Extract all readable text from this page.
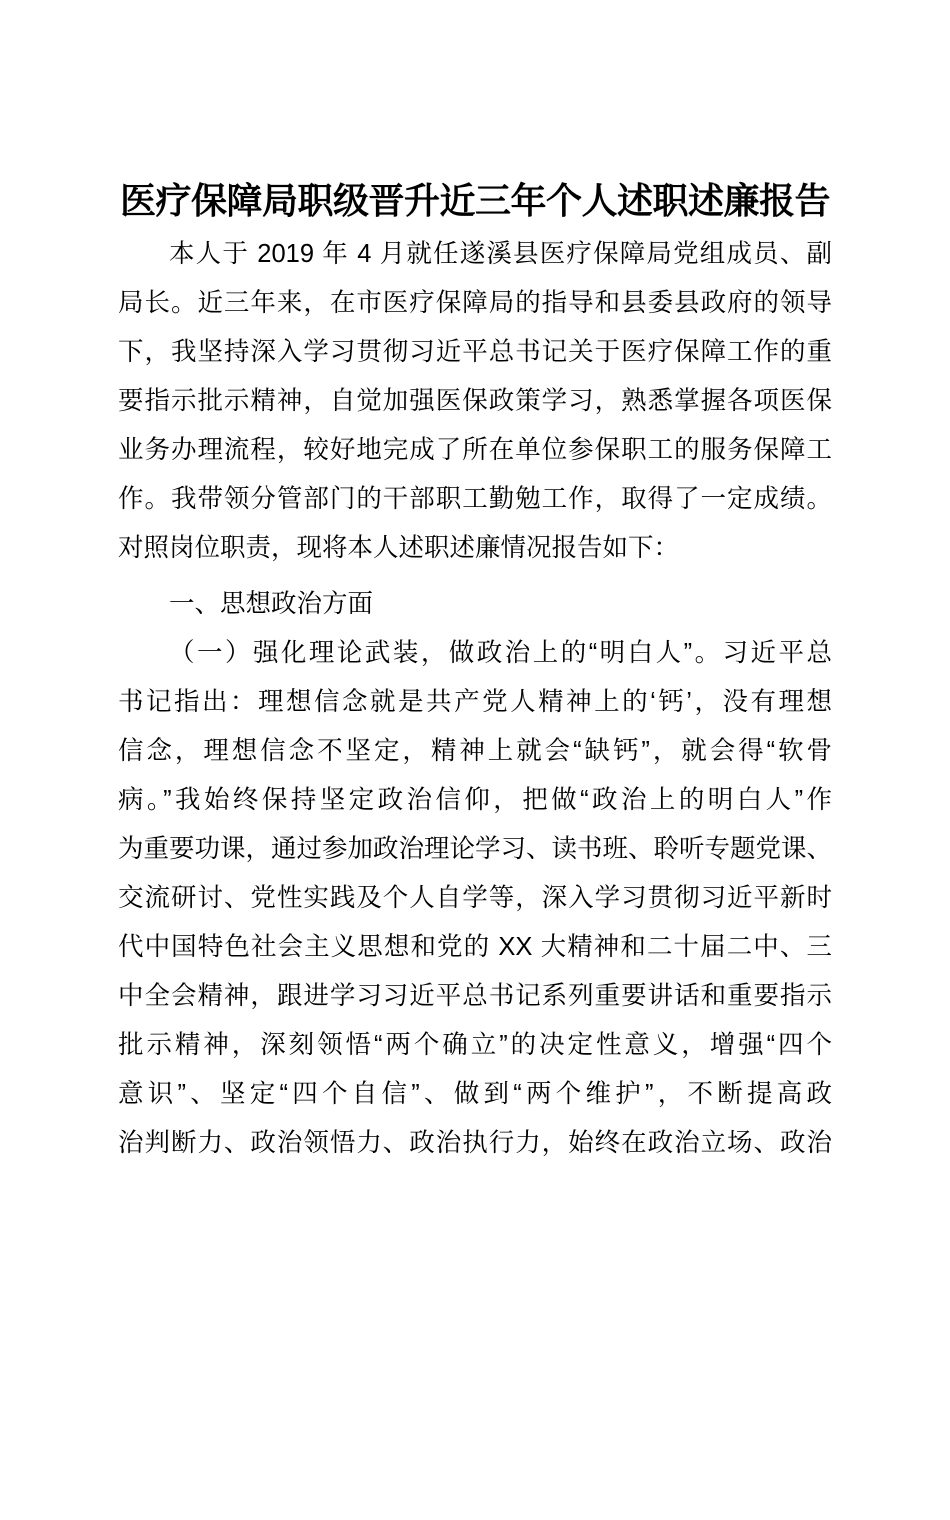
医疗保障局职级晋升近三年个人述职述廉报告
本人于 2019 年 4 月就任遂溪县医疗保障局党组成员、副
局长。近三年来，在市医疗保障局的指导和县委县政府的领导
下，我坚持深入学习贯彻习近平总书记关于医疗保障工作的重
要指示批示精神，自觉加强医保政策学习，熟悉掌握各项医保
业务办理流程，较好地完成了所在单位参保职工的服务保障工
作。我带领分管部门的干部职工勤勉工作，取得了一定成绩。
对照岗位职责，现将本人述职述廉情况报告如下：
一、思想政治方面
（一）强化理论武装，做政治上的“明白人”。习近平总
书记指出：理想信念就是共产党人精神上的‘钙’，没有理想
信念，理想信念不坚定，精神上就会“缺钙”，就会得“软骨
病。”我始终保持坚定政治信仰，把做“政治上的明白人”作
为重要功课，通过参加政治理论学习、读书班、聆听专题党课、
交流研讨、党性实践及个人自学等，深入学习贯彻习近平新时
代中国特色社会主义思想和党的 XX 大精神和二十届二中、三
中全会精神，跟进学习习近平总书记系列重要讲话和重要指示
批示精神，深刻领悟“两个确立”的决定性意义，增强“四个
意识”、坚定“四个自信”、做到“两个维护”，不断提高政
治判断力、政治领悟力、政治执行力，始终在政治立场、政治
